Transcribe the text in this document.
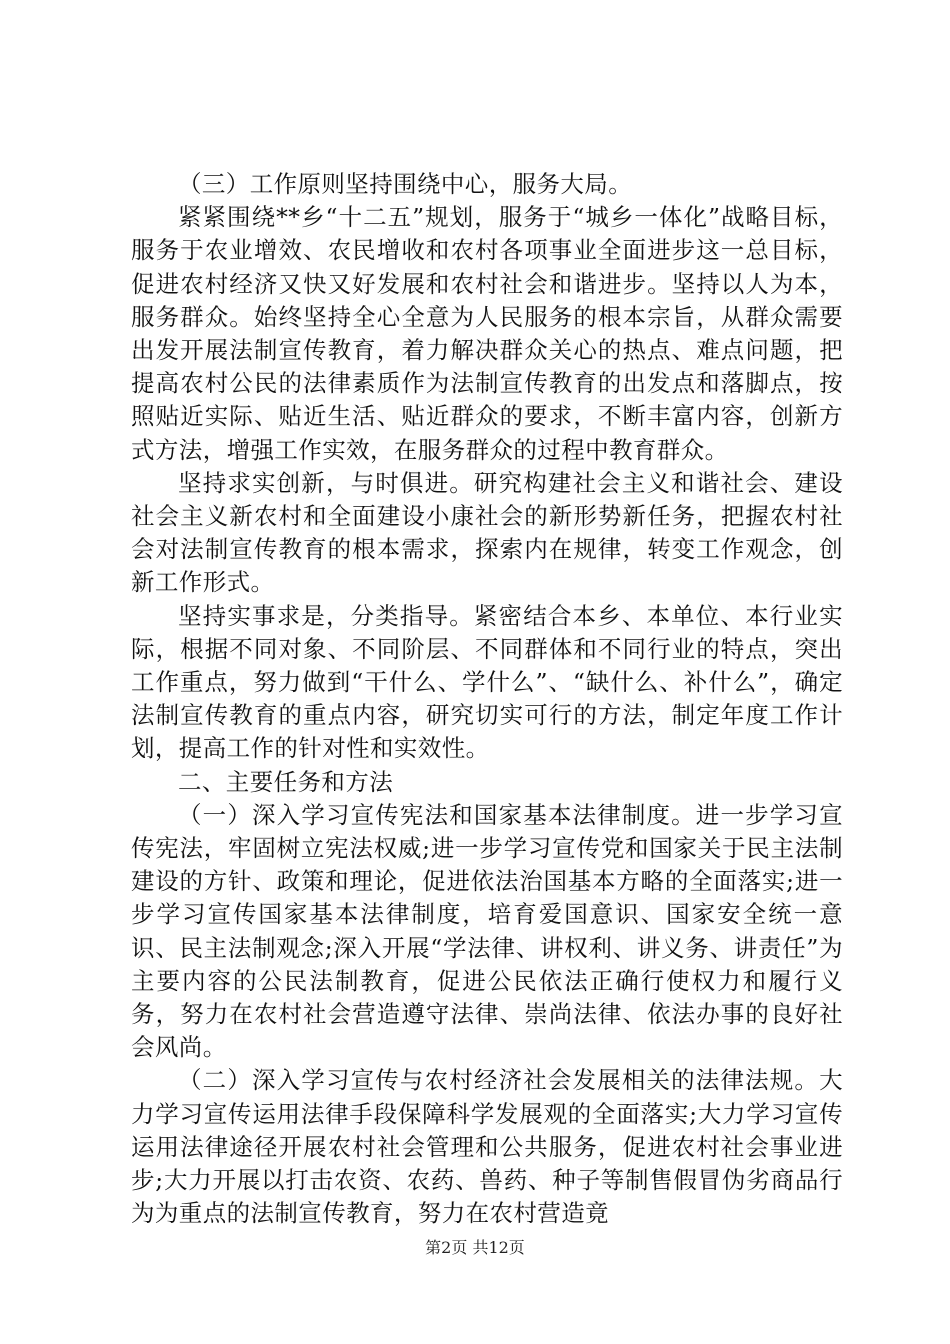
（三）工作原则坚持围绕中心，服务大局。

紧紧围绕**乡“十二五”规划，服务于“城乡一体化”战略目标，服务于农业增效、农民增收和农村各项事业全面进步这一总目标，促进农村经济又快又好发展和农村社会和谐进步。坚持以人为本，服务群众。始终坚持全心全意为人民服务的根本宗旨，从群众需要出发开展法制宣传教育，着力解决群众关心的热点、难点问题，把提高农村公民的法律素质作为法制宣传教育的出发点和落脚点，按照贴近实际、贴近生活、贴近群众的要求，不断丰富内容，创新方式方法，增强工作实效，在服务群众的过程中教育群众。

坚持求实创新，与时俱进。研究构建社会主义和谐社会、建设社会主义新农村和全面建设小康社会的新形势新任务，把握农村社会对法制宣传教育的根本需求，探索内在规律，转变工作观念，创新工作形式。

坚持实事求是，分类指导。紧密结合本乡、本单位、本行业实际，根据不同对象、不同阶层、不同群体和不同行业的特点，突出工作重点，努力做到“干什么、学什么”、“缺什么、补什么”，确定法制宣传教育的重点内容，研究切实可行的方法，制定年度工作计划，提高工作的针对性和实效性。

二、主要任务和方法

（一）深入学习宣传宪法和国家基本法律制度。进一步学习宣传宪法，牢固树立宪法权威;进一步学习宣传党和国家关于民主法制建设的方针、政策和理论，促进依法治国基本方略的全面落实;进一步学习宣传国家基本法律制度，培育爱国意识、国家安全统一意识、民主法制观念;深入开展“学法律、讲权利、讲义务、讲责任”为主要内容的公民法制教育，促进公民依法正确行使权力和履行义务，努力在农村社会营造遵守法律、崇尚法律、依法办事的良好社会风尚。

（二）深入学习宣传与农村经济社会发展相关的法律法规。大力学习宣传运用法律手段保障科学发展观的全面落实;大力学习宣传运用法律途径开展农村社会管理和公共服务，促进农村社会事业进步;大力开展以打击农资、农药、兽药、种子等制售假冒伪劣商品行为为重点的法制宣传教育，努力在农村营造竟

第2页 共12页
